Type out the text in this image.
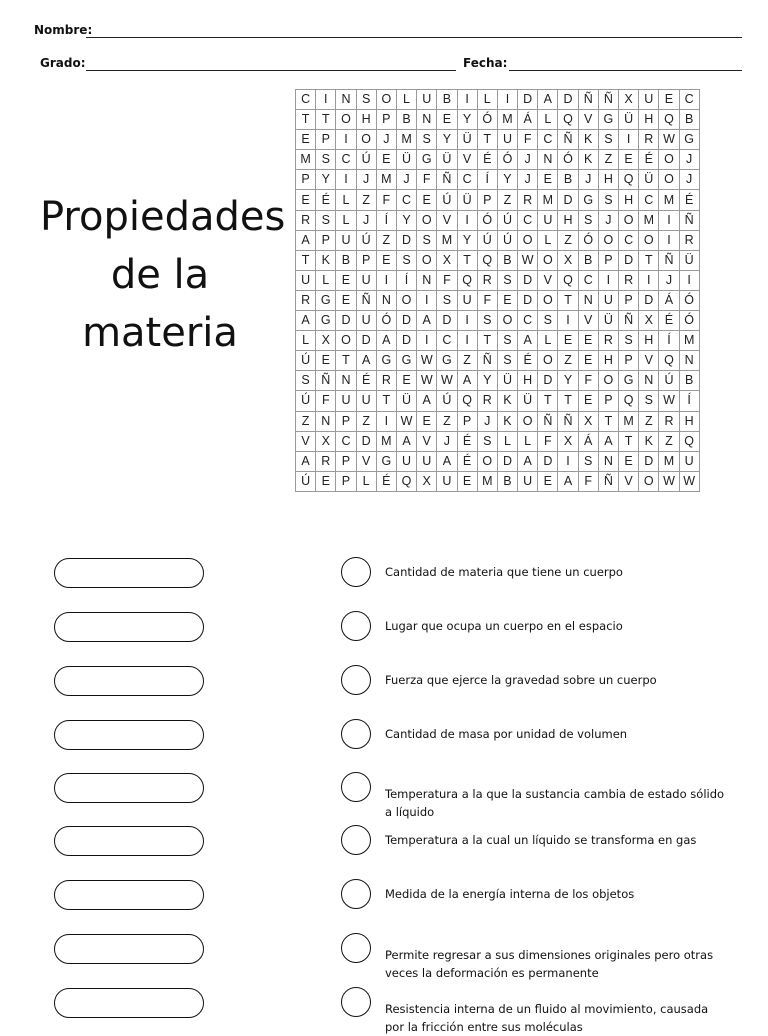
Nombre:
Grado:	Fecha:
Propiedades
de la
materia
C	I	N	S	O	L	U	B	I	L	I	D	A	D	Ñ	Ñ	X	U	E	C
T	T	O	H	P	B	N	E	Y	Ó	M	Á	L	Q	V	G	Ü	H	Q	B
E	P	I	O	J	M	S	Y	Ü	T	U	F	C	Ñ	K	S	I	R	W	G
M	S	C	Ú	E	Ü	G	Ü	V	É	Ó	J	N	Ó	K	Z	E	É	O	J
P	Y	I	J	M	J	F	Ñ	C	Í	Y	J	E	B	J	H	Q	Ü	O	J
E	É	L	Z	F	C	E	Ú	Ü	P	Z	R	M	D	G	S	H	C	M	É
R	S	L	J	Í	Y	O	V	I	Ó	Ú	C	U	H	S	J	O	M	I	Ñ
A	P	U	Ú	Z	D	S	M	Y	Ú	Ú	O	L	Z	Ó	O	C	O	I	R
T	K	B	P	E	S	O	X	T	Q	B	W	O	X	B	P	D	T	Ñ	Ü
U	L	E	U	I	Í	N	F	Q	R	S	D	V	Q	C	I	R	I	J	I
R	G	E	Ñ	N	O	I	S	U	F	E	D	O	T	N	U	P	D	Á	Ó
A	G	D	U	Ó	D	A	D	I	S	O	C	S	I	V	Ü	Ñ	X	É	Ó
L	X	O	D	A	D	I	C	I	T	S	A	L	E	E	R	S	H	Í	M
Ú	E	T	A	G	G	W	G	Z	Ñ	S	É	O	Z	E	H	P	V	Q	N
S	Ñ	N	É	R	E	W	W	A	Y	Ü	H	D	Y	F	O	G	N	Ú	B
Ú	F	U	U	T	Ü	A	Ú	Q	R	K	Ü	T	T	E	P	Q	S	W	Í
Z	N	P	Z	I	W	E	Z	P	J	K	O	Ñ	Ñ	X	T	M	Z	R	H
V	X	C	D	M	A	V	J	É	S	L	L	F	X	Á	A	T	K	Z	Q
A	R	P	V	G	U	U	A	É	O	D	A	D	I	S	N	E	D	M	U
Ú	E	P	L	É	Q	X	U	E	M	B	U	E	A	F	Ñ	V	O	W	W
Cantidad de materia que tiene un cuerpo
Lugar que ocupa un cuerpo en el espacio
Fuerza que ejerce la gravedad sobre un cuerpo
Cantidad de masa por unidad de volumen
Temperatura a la que la sustancia cambia de estado sólido a líquido
Temperatura a la cual un líquido se transforma en gas
Medida de la energía interna de los objetos
Permite regresar a sus dimensiones originales pero otras veces la deformación es permanente
Resistencia interna de un fluido al movimiento, causada por la fricción entre sus moléculas
